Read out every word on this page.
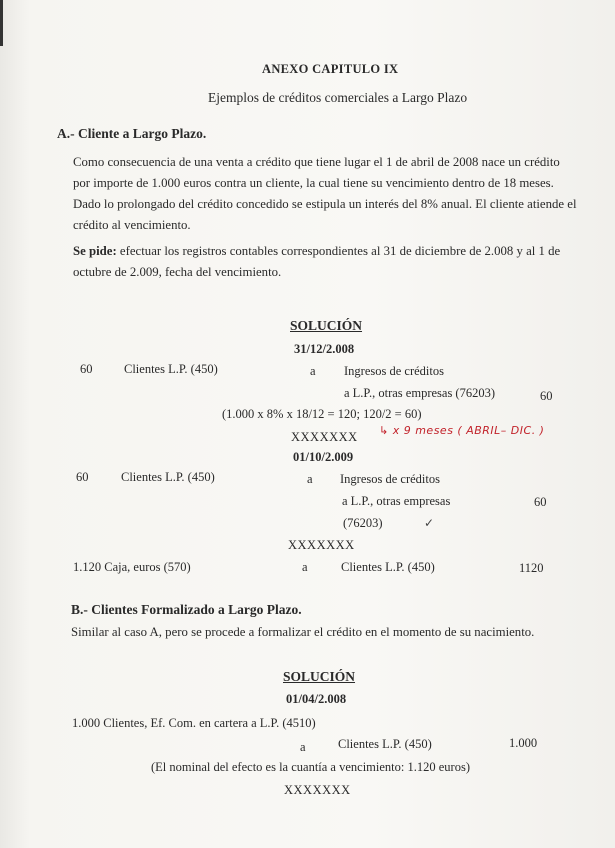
ANEXO CAPITULO IX
Ejemplos de créditos comerciales a Largo Plazo
A.- Cliente a Largo Plazo.
Como consecuencia de una venta a crédito que tiene lugar el 1 de abril de 2008 nace un crédito por importe de 1.000 euros contra un cliente, la cual tiene su vencimiento dentro de 18 meses. Dado lo prolongado del crédito concedido se estipula un interés del 8% anual. El cliente atiende el crédito al vencimiento.
Se pide: efectuar los registros contables correspondientes al 31 de diciembre de 2.008 y al 1 de octubre de 2.009, fecha del vencimiento.
SOLUCIÓN
31/12/2.008
60	Clientes L.P. (450)	a Ingresos de créditos
a L.P., otras empresas (76203)	60
(1.000 x 8% x 18/12 = 120; 120/2 = 60)
XXXXXXX ↳ x 9 meses ( ABRIL– DIC. )
01/10/2.009
60	Clientes L.P. (450)	a Ingresos de créditos
a L.P., otras empresas	60
(76203)	✓
XXXXXXX
1.120 Caja, euros (570)	a	Clientes L.P. (450)	1120
B.- Clientes Formalizado a Largo Plazo.
Similar al caso A, pero se procede a formalizar el crédito en el momento de su nacimiento.
SOLUCIÓN
01/04/2.008
1.000 Clientes, Ef. Com. en cartera a L.P. (4510)
a	Clientes L.P. (450)	1.000
(El nominal del efecto es la cuantía a vencimiento: 1.120 euros)
XXXXXXX
